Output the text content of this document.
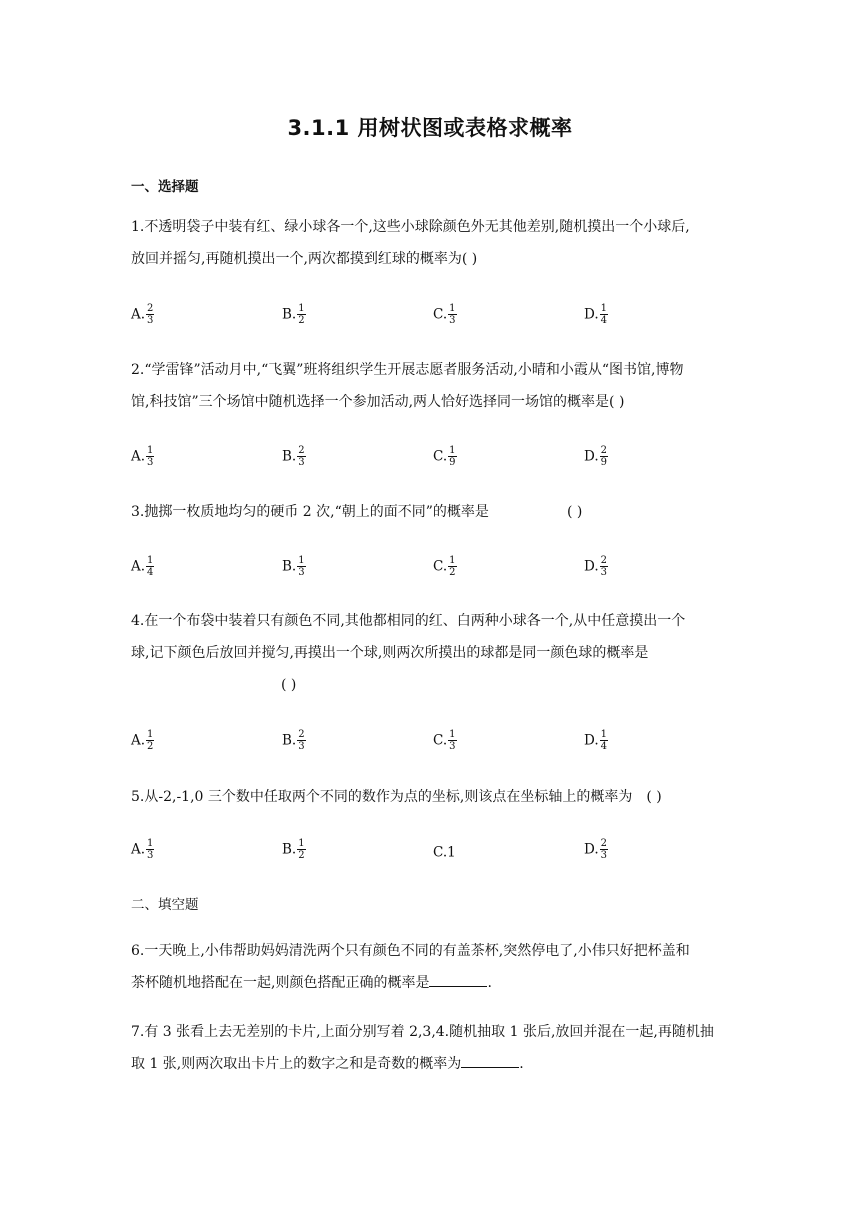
3.1.1 用树状图或表格求概率
一、选择题

1.不透明袋子中装有红、绿小球各一个,这些小球除颜色外无其他差别,随机摸出一个小球后,

放回并摇匀,再随机摸出一个,两次都摸到红球的概率为( )

A. $\frac{2}{3}$	B. $\frac{1}{2}$	C. $\frac{1}{3}$	D. $\frac{1}{4}$

2.“学雷锋”活动月中,“飞翼”班将组织学生开展志愿者服务活动,小晴和小霞从“图书馆,博物

馆,科技馆”三个场馆中随机选择一个参加活动,两人恰好选择同一场馆的概率是( )

A. $\frac{1}{3}$	B. $\frac{2}{3}$	C. $\frac{1}{9}$	D. $\frac{2}{9}$

3.抛掷一枚质地均匀的硬币 2 次,“朝上的面不同”的概率是	( )

A. $\frac{1}{4}$	B. $\frac{1}{3}$	C. $\frac{1}{2}$	D. $\frac{2}{3}$

4.在一个布袋中装着只有颜色不同,其他都相同的红、白两种小球各一个,从中任意摸出一个

球,记下颜色后放回并搅匀,再摸出一个球,则两次所摸出的球都是同一颜色球的概率是

( )

A. $\frac{1}{2}$	B. $\frac{2}{3}$	C. $\frac{1}{3}$	D. $\frac{1}{4}$

5.从-2,-1,0 三个数中任取两个不同的数作为点的坐标,则该点在坐标轴上的概率为 ( )

A. $\frac{1}{3}$	B. $\frac{1}{2}$	C.1	D. $\frac{2}{3}$
二、填空题

6.一天晚上,小伟帮助妈妈清洗两个只有颜色不同的有盖茶杯,突然停电了,小伟只好把杯盖和

茶杯随机地搭配在一起,则颜色搭配正确的概率是	.

7.有 3 张看上去无差别的卡片,上面分别写着 2,3,4.随机抽取 1 张后,放回并混在一起,再随机抽

取 1 张,则两次取出卡片上的数字之和是奇数的概率为	.
